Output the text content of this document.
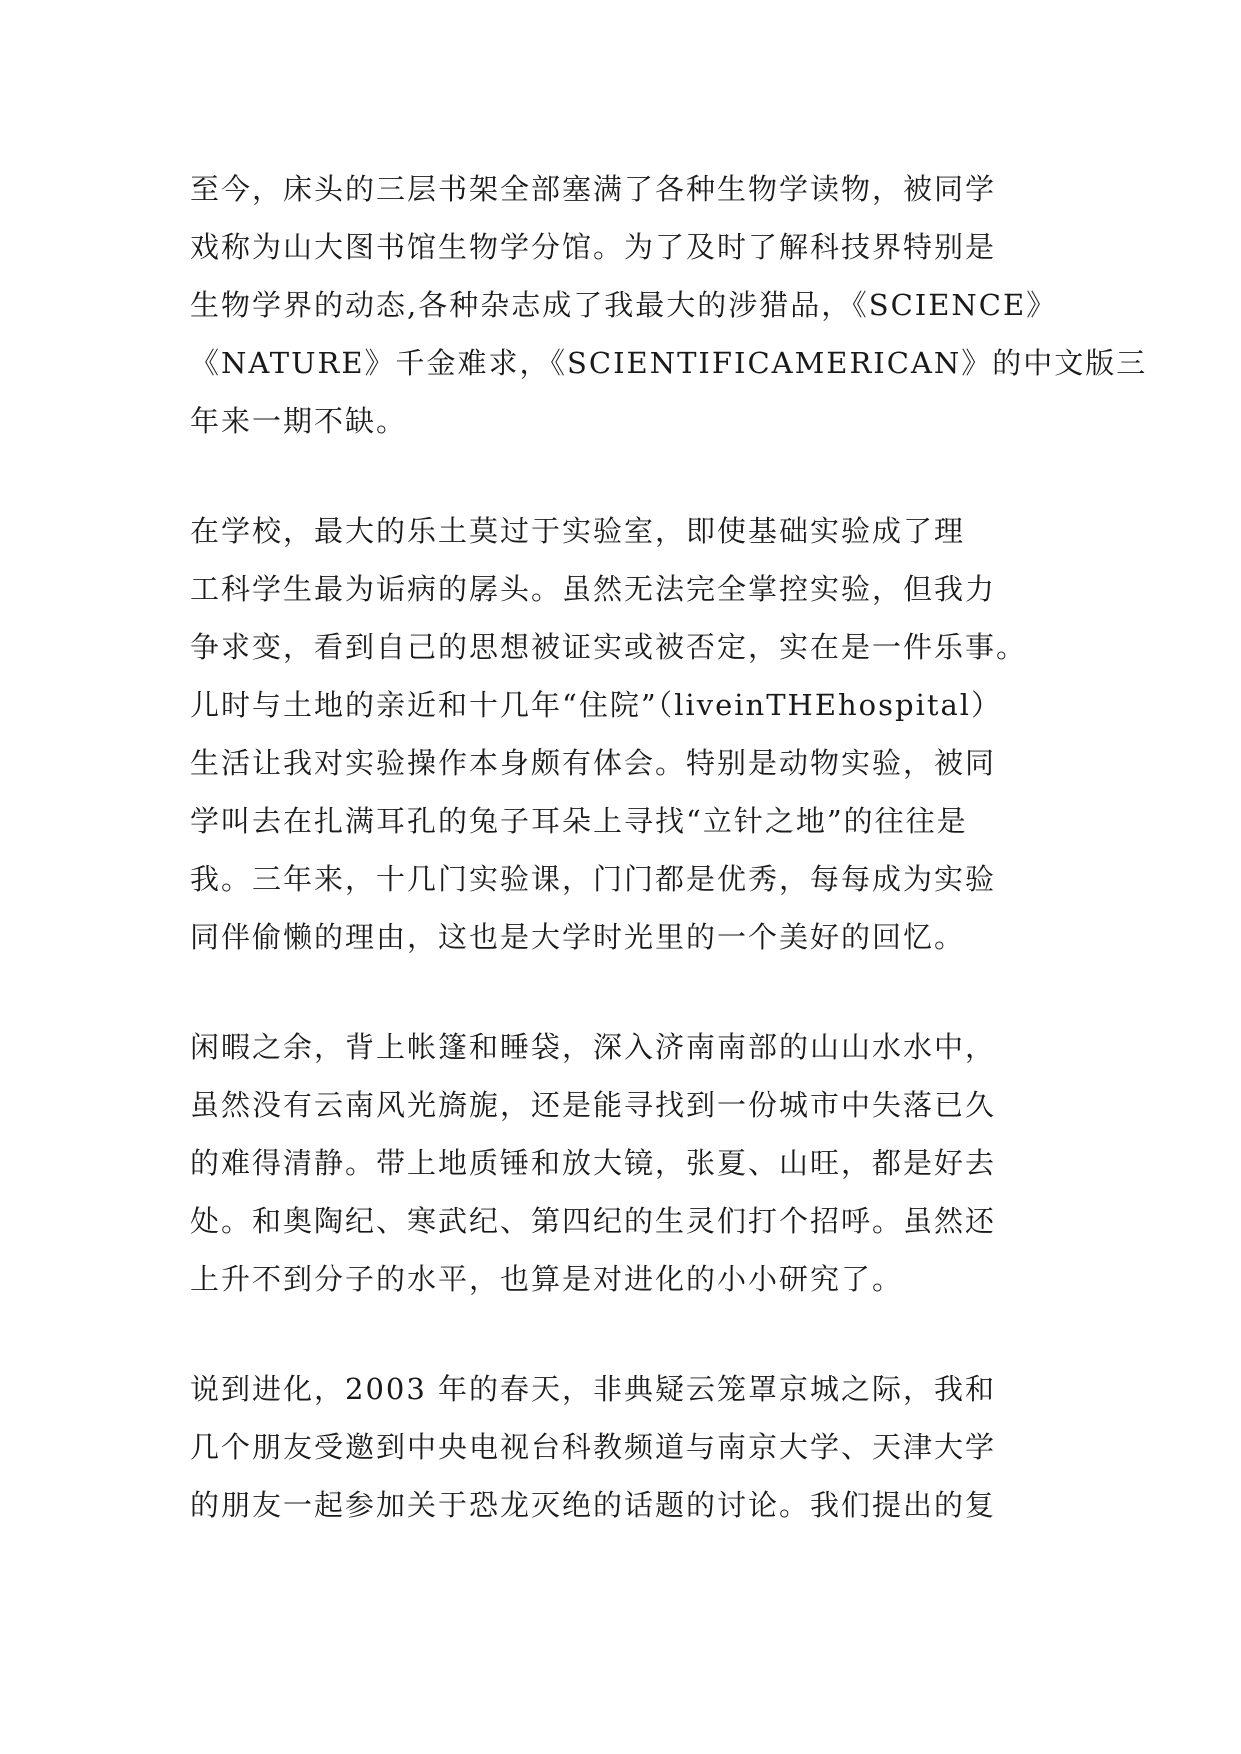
至今，床头的三层书架全部塞满了各种生物学读物，被同学
戏称为山大图书馆生物学分馆。为了及时了解科技界特别是
生物学界的动态,各种杂志成了我最大的涉猎品，《SCIENCE》
《NATURE》千金难求，《SCIENTIFICAMERICAN》的中文版三
年来一期不缺。
在学校，最大的乐土莫过于实验室，即使基础实验成了理
工科学生最为诟病的孱头。虽然无法完全掌控实验，但我力
争求变，看到自己的思想被证实或被否定，实在是一件乐事。
儿时与土地的亲近和十几年“住院”（liveinTHEhospital）
生活让我对实验操作本身颇有体会。特别是动物实验，被同
学叫去在扎满耳孔的兔子耳朵上寻找“立针之地”的往往是
我。三年来，十几门实验课，门门都是优秀，每每成为实验
同伴偷懒的理由，这也是大学时光里的一个美好的回忆。
闲暇之余，背上帐篷和睡袋，深入济南南部的山山水水中，
虽然没有云南风光旖旎，还是能寻找到一份城市中失落已久
的难得清静。带上地质锤和放大镜，张夏、山旺，都是好去
处。和奥陶纪、寒武纪、第四纪的生灵们打个招呼。虽然还
上升不到分子的水平，也算是对进化的小小研究了。
说到进化，2003 年的春天，非典疑云笼罩京城之际，我和
几个朋友受邀到中央电视台科教频道与南京大学、天津大学
的朋友一起参加关于恐龙灭绝的话题的讨论。我们提出的复
